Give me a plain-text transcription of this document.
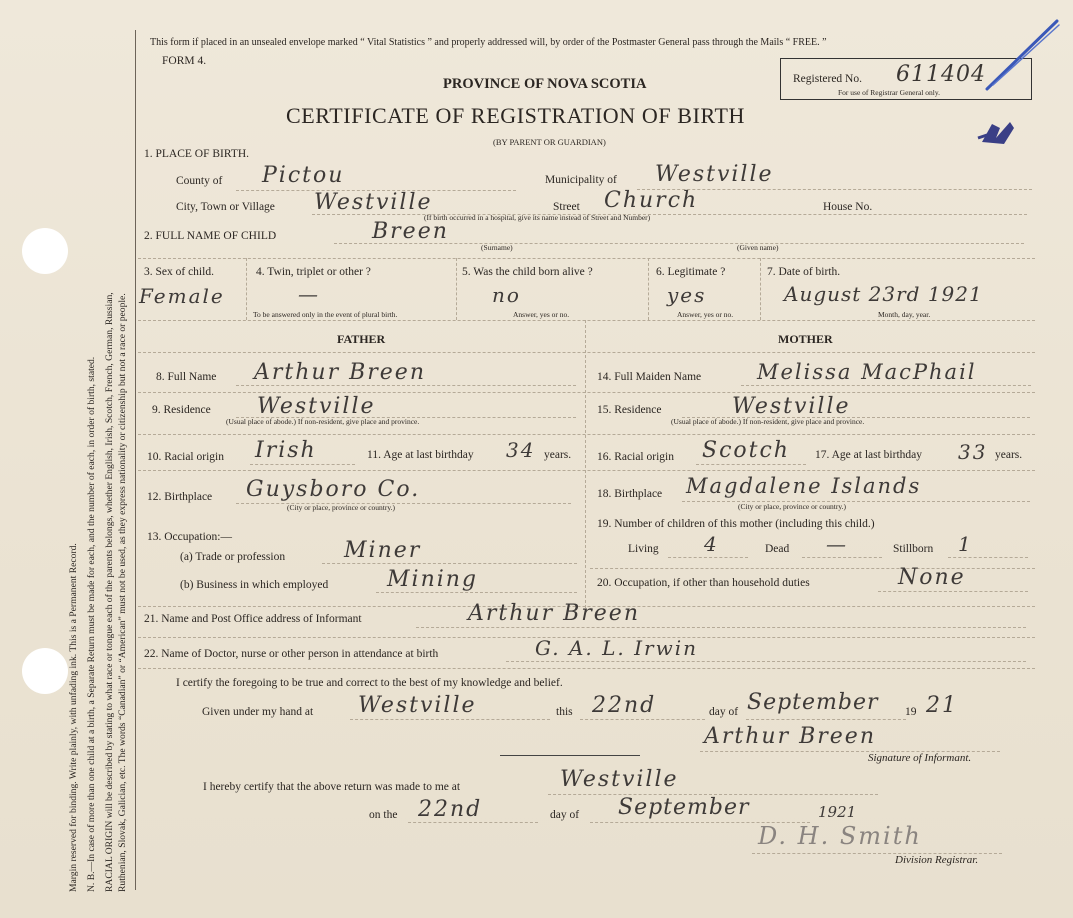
Margin reserved for binding. Write plainly, with unfading ink. This is a Permanent Record. N. B.—In case of more than one child at a birth, a Separate Return must be made for each, and the number of each, in order of birth, stated. RACIAL ORIGIN will be described by stating to what race or tongue each of the parents belongs, whether English, Irish, Scotch, French, German, Russian, Ruthenian, Slovak, Galician, etc. The words “Canadian” or “American” must not be used, as they express nationality or citizenship but not a race or people.
This form if placed in an unsealed envelope marked “ Vital Statistics ” and properly addressed will, by order of the Postmaster General pass through the Mails “ FREE. ”
FORM 4.
PROVINCE OF NOVA SCOTIA
CERTIFICATE OF REGISTRATION OF BIRTH
(BY PARENT OR GUARDIAN)
Registered No. 611404
For use of Registrar General only.
1. PLACE OF BIRTH.
County of Pictou	Municipality of Westville
City, Town or Village Westville	Street Church	House No.
(If birth occurred in a hospital, give its name instead of Street and Number)
2. FULL NAME OF CHILD	Breen
(Surname)	(Given name)
3. Sex of child.
Female
4. Twin, triplet or other ?
—
To be answered only in the event of plural birth.
5. Was the child born alive ?
no
Answer, yes or no.
6. Legitimate ?
yes
Answer, yes or no.
7. Date of birth.
August 23rd 1921
Month, day, year.
FATHER	MOTHER
8. Full Name Arthur Breen
9. Residence Westville
(Usual place of abode.) If non-resident, give place and province.
10. Racial origin Irish	11. Age at last birthday 34 years.
12. Birthplace Guysboro Co.
(City or place, province or country.)
13. Occupation:—
(a) Trade or profession	Miner
(b) Business in which employed	Mining
14. Full Maiden Name	Melissa MacPhail
15. Residence	Westville
(Usual place of abode.) If non-resident, give place and province.
16. Racial origin Scotch 17. Age at last birthday 33 years.
18. Birthplace Magdalene Islands
(City or place, province or country.)
19. Number of children of this mother (including this child.)
Living 4	Dead —	Stillborn 1
20. Occupation, if other than household duties	None
21. Name and Post Office address of Informant	Arthur Breen
22. Name of Doctor, nurse or other person in attendance at birth	G. A. L. Irwin
I certify the foregoing to be true and correct to the best of my knowledge and belief.
Given under my hand at Westville	this 22nd	day of September 19 21
Arthur Breen
Signature of Informant.
I hereby certify that the above return was made to me at	Westville
on the 22nd	day of September	1921
D. H. Smith
Division Registrar.
